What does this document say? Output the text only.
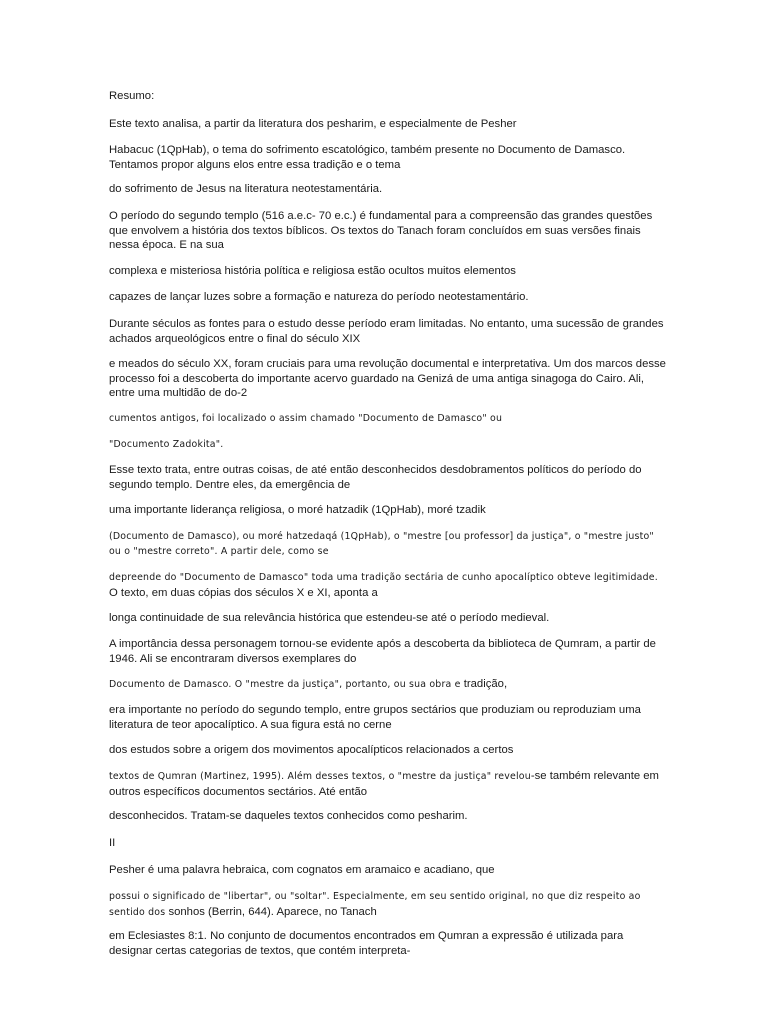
Resumo:

Este texto analisa, a partir da literatura dos pesharim, e especialmente de Pesher

Habacuc (1QpHab), o tema do sofrimento escatológico, também presente no Documento de Damasco. Tentamos propor alguns elos entre essa tradição e o tema

do sofrimento de Jesus na literatura neotestamentária.

O período do segundo templo (516 a.e.c- 70 e.c.) é fundamental para a compreensão das grandes questões que envolvem a história dos textos bíblicos. Os textos do Tanach foram concluídos em suas versões finais nessa época. E na sua

complexa e misteriosa história política e religiosa estão ocultos muitos elementos

capazes de lançar luzes sobre a formação e natureza do período neotestamentário.

Durante séculos as fontes para o estudo desse período eram limitadas. No entanto, uma sucessão de grandes achados arqueológicos entre o final do século XIX

e meados do século XX, foram cruciais para uma revolução documental e interpretativa. Um dos marcos desse processo foi a descoberta do importante acervo guardado na Genizá de uma antiga sinagoga do Cairo. Ali, entre uma multidão de do-2

cumentos antigos, foi localizado o assim chamado "Documento de Damasco" ou

"Documento Zadokita".

Esse texto trata, entre outras coisas, de até então desconhecidos desdobramentos políticos do período do segundo templo. Dentre eles, da emergência de

uma importante liderança religiosa, o moré hatzadik (1QpHab), moré tzadik

(Documento de Damasco), ou moré hatzedaqá (1QpHab), o "mestre [ou professor] da justiça", o "mestre justo" ou o "mestre correto". A partir dele, como se

depreende do "Documento de Damasco" toda uma tradição sectária de cunho apocalíptico obteve legitimidade. O texto, em duas cópias dos séculos X e XI, aponta a

longa continuidade de sua relevância histórica que estendeu-se até o período medieval.

A importância dessa personagem tornou-se evidente após a descoberta da biblioteca de Qumram, a partir de 1946. Ali se encontraram diversos exemplares do

Documento de Damasco. O "mestre da justiça", portanto, ou sua obra e tradição,

era importante no período do segundo templo, entre grupos sectários que produziam ou reproduziam uma literatura de teor apocalíptico. A sua figura está no cerne

dos estudos sobre a origem dos movimentos apocalípticos relacionados a certos

textos de Qumran (Martinez, 1995). Além desses textos, o "mestre da justiça" revelou-se também relevante em outros específicos documentos sectários. Até então

desconhecidos. Tratam-se daqueles textos conhecidos como pesharim.

II

Pesher é uma palavra hebraica, com cognatos em aramaico e acadiano, que

possui o significado de "libertar", ou "soltar". Especialmente, em seu sentido original, no que diz respeito ao sentido dos sonhos (Berrin, 644). Aparece, no Tanach

em Eclesiastes 8:1. No conjunto de documentos encontrados em Qumran a expressão é utilizada para designar certas categorias de textos, que contém interpreta-
